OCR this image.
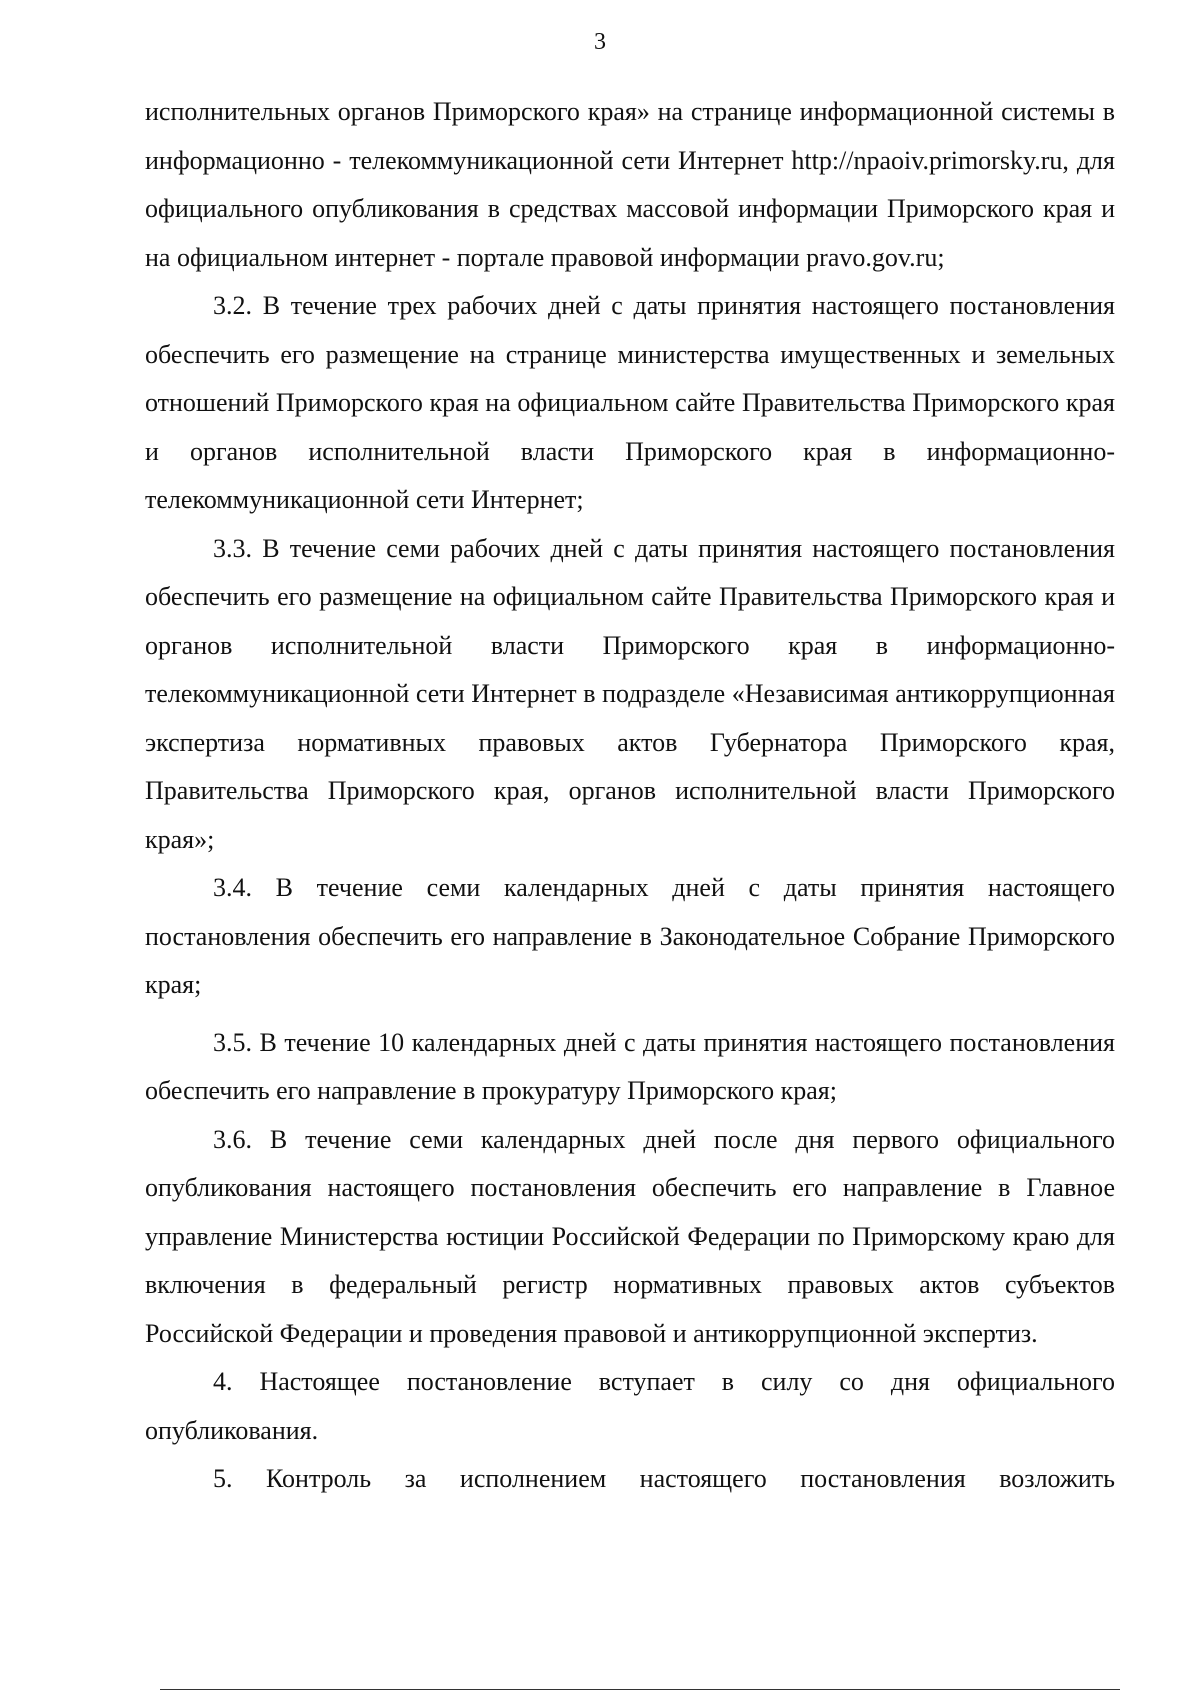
3

исполнительных органов Приморского края» на странице информационной системы в информационно - телекоммуникационной сети Интернет http://npaoiv.primorsky.ru, для официального опубликования в средствах массовой информации Приморского края и на официальном интернет - портале правовой информации pravo.gov.ru;

3.2. В течение трех рабочих дней с даты принятия настоящего постановления обеспечить его размещение на странице министерства имущественных и земельных отношений Приморского края на официальном сайте Правительства Приморского края и органов исполнительной власти Приморского края в информационно-телекоммуникационной сети Интернет;

3.3. В течение семи рабочих дней с даты принятия настоящего постановления обеспечить его размещение на официальном сайте Правительства Приморского края и органов исполнительной власти Приморского края в информационно-телекоммуникационной сети Интернет в подразделе «Независимая антикоррупционная экспертиза нормативных правовых актов Губернатора Приморского края, Правительства Приморского края, органов исполнительной власти Приморского края»;

3.4. В течение семи календарных дней с даты принятия настоящего постановления обеспечить его направление в Законодательное Собрание Приморского края;

3.5. В течение 10 календарных дней с даты принятия настоящего постановления обеспечить его направление в прокуратуру Приморского края;

3.6. В течение семи календарных дней после дня первого официального опубликования настоящего постановления обеспечить его направление в Главное управление Министерства юстиции Российской Федерации по Приморскому краю для включения в федеральный регистр нормативных правовых актов субъектов Российской Федерации и проведения правовой и антикоррупционной экспертиз.

4. Настоящее постановление вступает в силу со дня официального опубликования.

5. Контроль за исполнением настоящего постановления возложить
